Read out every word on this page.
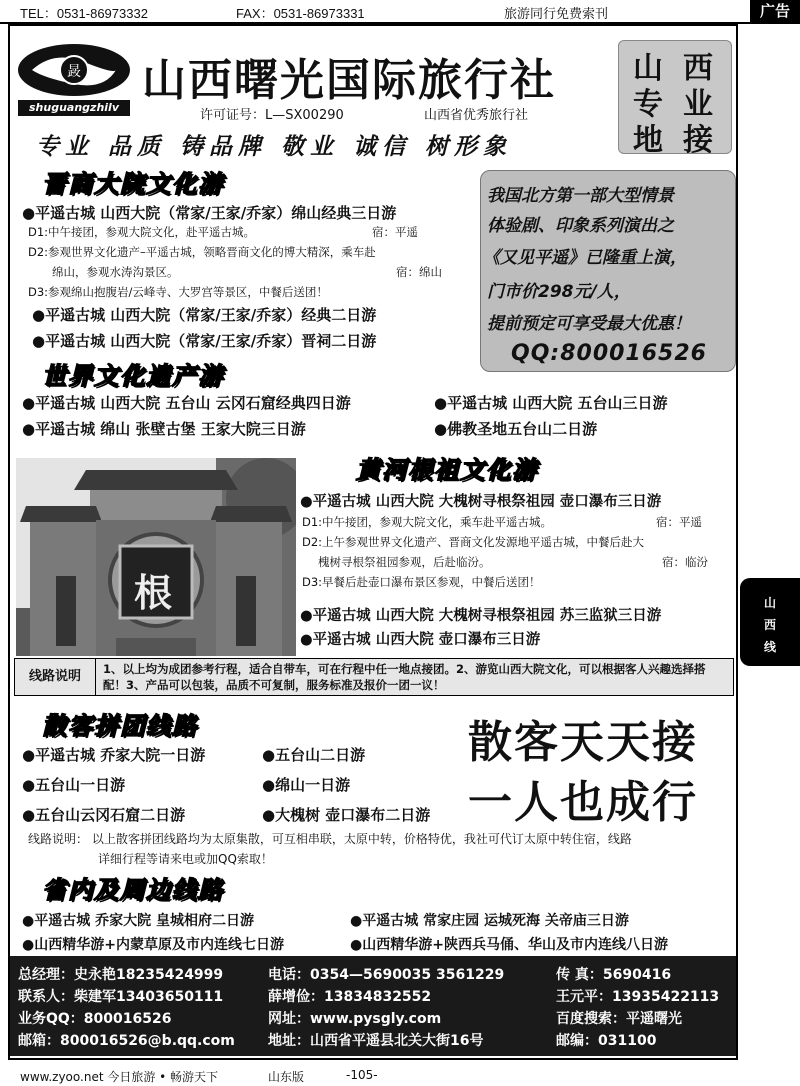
TEL：0531-86973332	FAX：0531-86973331	旅游同行免费索刊	广告
晸
shuguangzhilv
山西曙光国际旅行社
许可证号：L—SX00290	山西省优秀旅行社
专业 品质 铸品牌 敬业 诚信 树形象
山 西
专 业
地 接
晋商大院文化游
●平遥古城 山西大院（常家/王家/乔家）绵山经典三日游
D1:中午接团，参观大院文化，赴平遥古城。	宿：平遥
D2:参观世界文化遗产–平遥古城，领略晋商文化的博大精深，乘车赴
绵山，参观水涛沟景区。	宿：绵山
D3:参观绵山抱腹岩/云峰寺、大罗宫等景区，中餐后送团！
●平遥古城 山西大院（常家/王家/乔家）经典二日游
●平遥古城 山西大院（常家/王家/乔家）晋祠二日游
我国北方第一部大型情景
体验剧、印象系列演出之
《又见平遥》已隆重上演，
门市价298元/人，
提前预定可享受最大优惠！
QQ:800016526
世界文化遗产游
●平遥古城 山西大院 五台山 云冈石窟经典四日游	●平遥古城 山西大院 五台山三日游
●平遥古城 绵山 张壁古堡 王家大院三日游	●佛教圣地五台山二日游
根
黄河根祖文化游
●平遥古城 山西大院 大槐树寻根祭祖园 壶口瀑布三日游
D1:中午接团，参观大院文化，乘车赴平遥古城。	宿：平遥
D2:上午参观世界文化遗产、晋商文化发源地平遥古城，中餐后赴大
槐树寻根祭祖园参观，后赴临汾。	宿：临汾
D3:早餐后赴壶口瀑布景区参观，中餐后送团！
●平遥古城 山西大院 大槐树寻根祭祖园 苏三监狱三日游
●平遥古城 山西大院 壶口瀑布三日游
线路说明	1、以上均为成团参考行程，适合自带车，可在行程中任一地点接团。2、游览山西大院文化，可以根据客人兴趣选择搭配！3、产品可以包装，品质不可复制，服务标准及报价一团一议！
散客拼团线路
●平遥古城 乔家大院一日游	●五台山二日游
●五台山一日游	●绵山一日游
●五台山云冈石窟二日游	●大槐树 壶口瀑布二日游
散客天天接
一人也成行
线路说明： 以上散客拼团线路均为太原集散，可互相串联，太原中转，价格特优，我社可代订太原中转住宿，线路
详细行程等请来电或加QQ索取！
省内及周边线路
●平遥古城 乔家大院 皇城相府二日游	●平遥古城 常家庄园 运城死海 关帝庙三日游
●山西精华游+内蒙草原及市内连线七日游	●山西精华游+陕西兵马俑、华山及市内连线八日游
总经理：史永艳18235424999	电话：0354—5690035 3561229	传 真：5690416
联系人：柴建军13403650111	薛增俭：13834832552	王元平：13935422113
业务QQ：800016526	网址：www.pysgly.com	百度搜索：平遥曙光
邮箱：800016526@b.qq.com 地址：山西省平遥县北关大街16号	邮编：031100
山
西
线
www.zyoo.net 今日旅游 • 畅游天下	山东版	-105-
